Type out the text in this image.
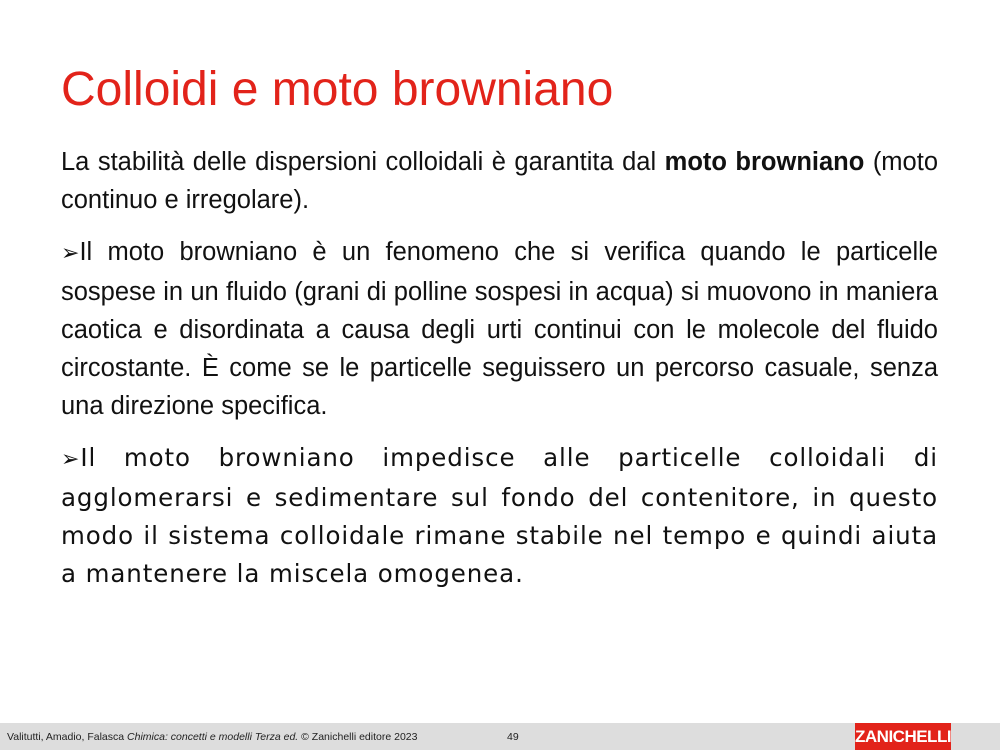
Colloidi e moto browniano

La stabilità delle dispersioni colloidali è garantita dal moto browniano (moto continuo e irregolare).

➢Il moto browniano è un fenomeno che si verifica quando le particelle sospese in un fluido (grani di polline sospesi in acqua) si muovono in maniera caotica e disordinata a causa degli urti continui con le molecole del fluido circostante. È come se le particelle seguissero un percorso casuale, senza una direzione specifica.

➢Il moto browniano impedisce alle particelle colloidali di agglomerarsi e sedimentare sul fondo del contenitore, in questo modo il sistema colloidale rimane stabile nel tempo e quindi aiuta a mantenere la miscela omogenea.

Valitutti, Amadio, Falasca Chimica: concetti e modelli Terza ed. © Zanichelli editore 2023	49	ZANICHELLI
